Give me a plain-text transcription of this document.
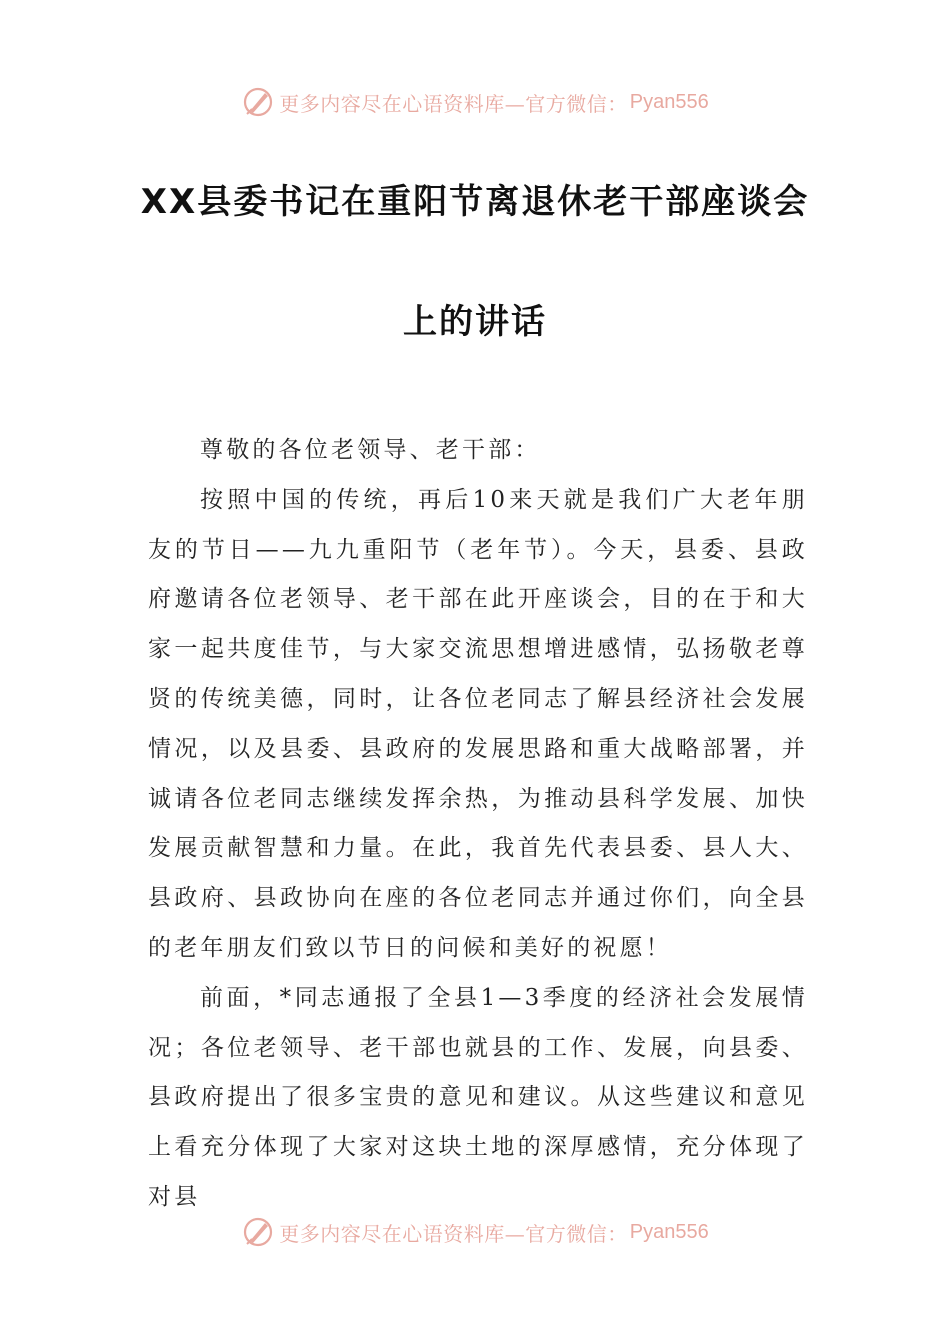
更多内容尽在心语资料库—官方微信： Pyan556
XX县委书记在重阳节离退休老干部座谈会
上的讲话

尊敬的各位老领导、老干部：

按照中国的传统，再后10来天就是我们广大老年朋友的节日——九九重阳节（老年节）。今天，县委、县政府邀请各位老领导、老干部在此开座谈会，目的在于和大家一起共度佳节，与大家交流思想增进感情，弘扬敬老尊贤的传统美德，同时，让各位老同志了解县经济社会发展情况，以及县委、县政府的发展思路和重大战略部署，并诚请各位老同志继续发挥余热，为推动县科学发展、加快发展贡献智慧和力量。在此，我首先代表县委、县人大、县政府、县政协向在座的各位老同志并通过你们，向全县的老年朋友们致以节日的问候和美好的祝愿！

前面，*同志通报了全县1—3季度的经济社会发展情况；各位老领导、老干部也就县的工作、发展，向县委、县政府提出了很多宝贵的意见和建议。从这些建议和意见上看充分体现了大家对这块土地的深厚感情，充分体现了对县

更多内容尽在心语资料库—官方微信： Pyan556
